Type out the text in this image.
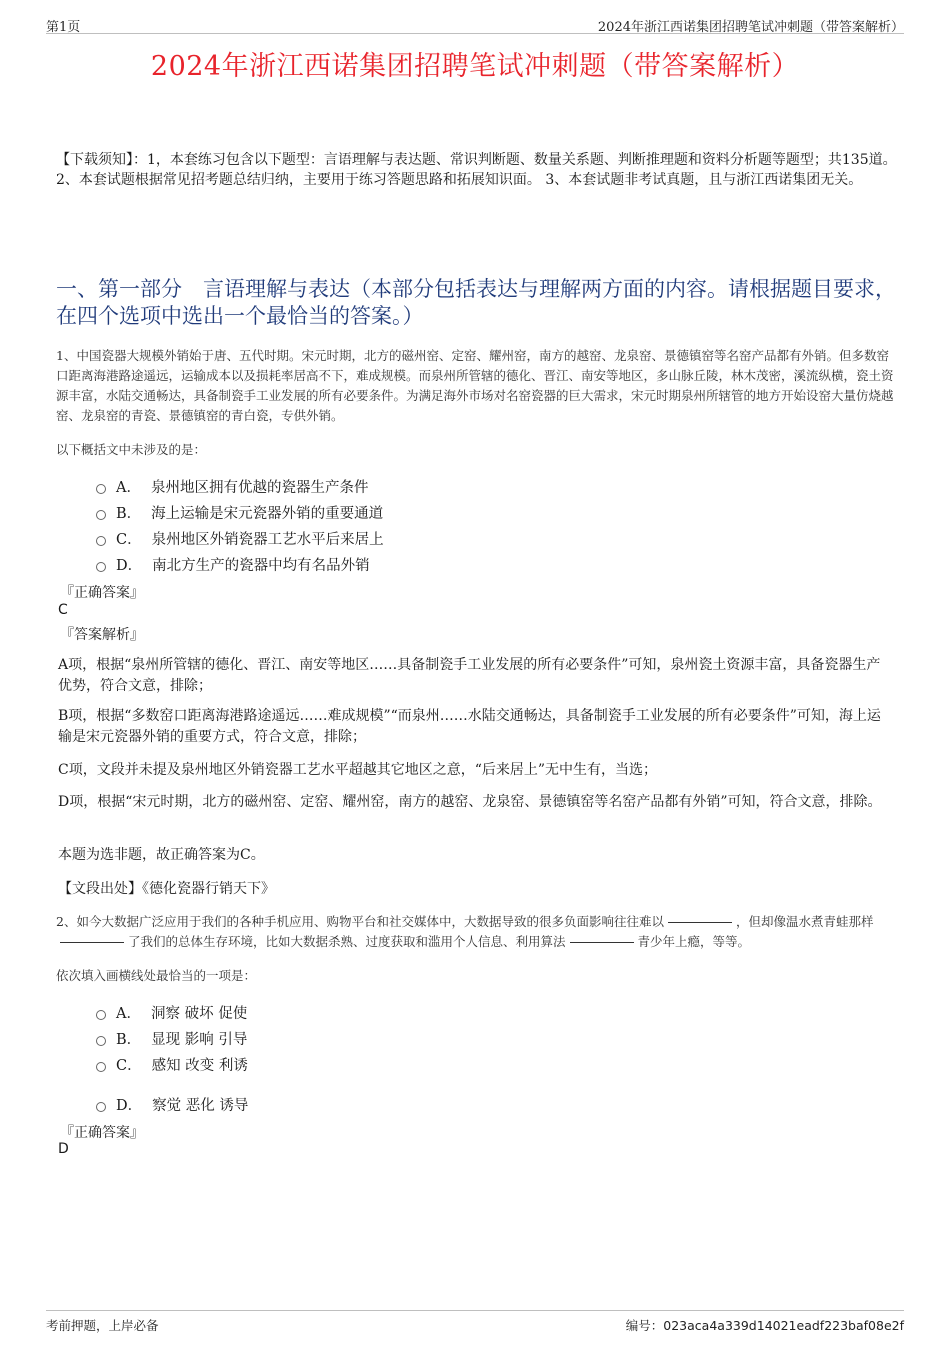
第1页	2024年浙江西诺集团招聘笔试冲刺题（带答案解析）
2024年浙江西诺集团招聘笔试冲刺题（带答案解析）
【下载须知】：1，本套练习包含以下题型：言语理解与表达题、常识判断题、数量关系题、判断推理题和资料分析题等题型；共135道。 2、本套试题根据常见招考题总结归纳，主要用于练习答题思路和拓展知识面。 3、本套试题非考试真题，且与浙江西诺集团无关。
一、第一部分　言语理解与表达（本部分包括表达与理解两方面的内容。请根据题目要求，在四个选项中选出一个最恰当的答案。）
1、中国瓷器大规模外销始于唐、五代时期。宋元时期，北方的磁州窑、定窑、耀州窑，南方的越窑、龙泉窑、景德镇窑等名窑产品都有外销。但多数窑口距离海港路途遥远，运输成本以及损耗率居高不下，难成规模。而泉州所管辖的德化、晋江、南安等地区，多山脉丘陵，林木茂密，溪流纵横，瓷土资源丰富，水陆交通畅达，具备制瓷手工业发展的所有必要条件。为满足海外市场对名窑瓷器的巨大需求，宋元时期泉州所辖管的地方开始设窑大量仿烧越窑、龙泉窑的青瓷、景德镇窑的青白瓷，专供外销。
以下概括文中未涉及的是：
A． 泉州地区拥有优越的瓷器生产条件
B． 海上运输是宋元瓷器外销的重要通道
C． 泉州地区外销瓷器工艺水平后来居上
D． 南北方生产的瓷器中均有名品外销
『正确答案』
C
『答案解析』
A项，根据“泉州所管辖的德化、晋江、南安等地区……具备制瓷手工业发展的所有必要条件”可知，泉州瓷土资源丰富，具备瓷器生产优势，符合文意，排除；
B项，根据“多数窑口距离海港路途遥远……难成规模”“而泉州……水陆交通畅达，具备制瓷手工业发展的所有必要条件”可知，海上运输是宋元瓷器外销的重要方式，符合文意，排除；
C项，文段并未提及泉州地区外销瓷器工艺水平超越其它地区之意，“后来居上”无中生有，当选；
D项，根据“宋元时期，北方的磁州窑、定窑、耀州窑，南方的越窑、龙泉窑、景德镇窑等名窑产品都有外销”可知，符合文意，排除。
本题为选非题，故正确答案为C。
【文段出处】《德化瓷器行销天下》
2、如今大数据广泛应用于我们的各种手机应用、购物平台和社交媒体中，大数据导致的很多负面影响往往难以	，但却像温水煮青蛙那样了我们的总体生存环境，比如大数据杀熟、过度获取和滥用个人信息、利用算法	青少年上瘾，等等。
依次填入画横线处最恰当的一项是：
A． 洞察 破坏 促使
B． 显现 影响 引导
C． 感知 改变 利诱
D． 察觉 恶化 诱导
『正确答案』
D
考前押题，上岸必备	编号：023aca4a339d14021eadf223baf08e2f
